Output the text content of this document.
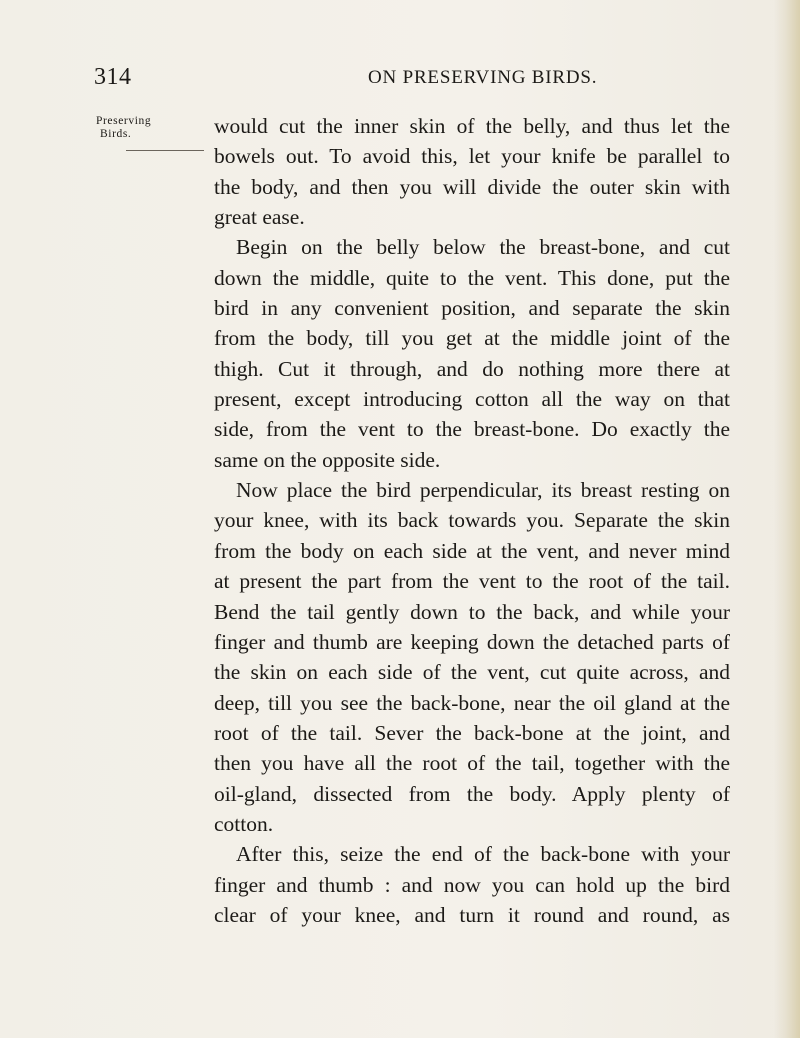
314	ON PRESERVING BIRDS.
Preserving
Birds.	would cut the inner skin of the belly, and thus let the
bowels out. To avoid this, let your knife be parallel to
the body, and then you will divide the outer skin with
great ease.
Begin on the belly below the breast-bone, and cut
down the middle, quite to the vent. This done, put the
bird in any convenient position, and separate the skin
from the body, till you get at the middle joint of the
thigh. Cut it through, and do nothing more there at
present, except introducing cotton all the way on that
side, from the vent to the breast-bone. Do exactly the
same on the opposite side.
Now place the bird perpendicular, its breast resting on
your knee, with its back towards you. Separate the skin
from the body on each side at the vent, and never mind
at present the part from the vent to the root of the tail.
Bend the tail gently down to the back, and while your
finger and thumb are keeping down the detached parts of
the skin on each side of the vent, cut quite across, and
deep, till you see the back-bone, near the oil gland at the
root of the tail. Sever the back-bone at the joint, and
then you have all the root of the tail, together with the
oil-gland, dissected from the body. Apply plenty of
cotton.
After this, seize the end of the back-bone with your
finger and thumb : and now you can hold up the bird
clear of your knee, and turn it round and round, as
